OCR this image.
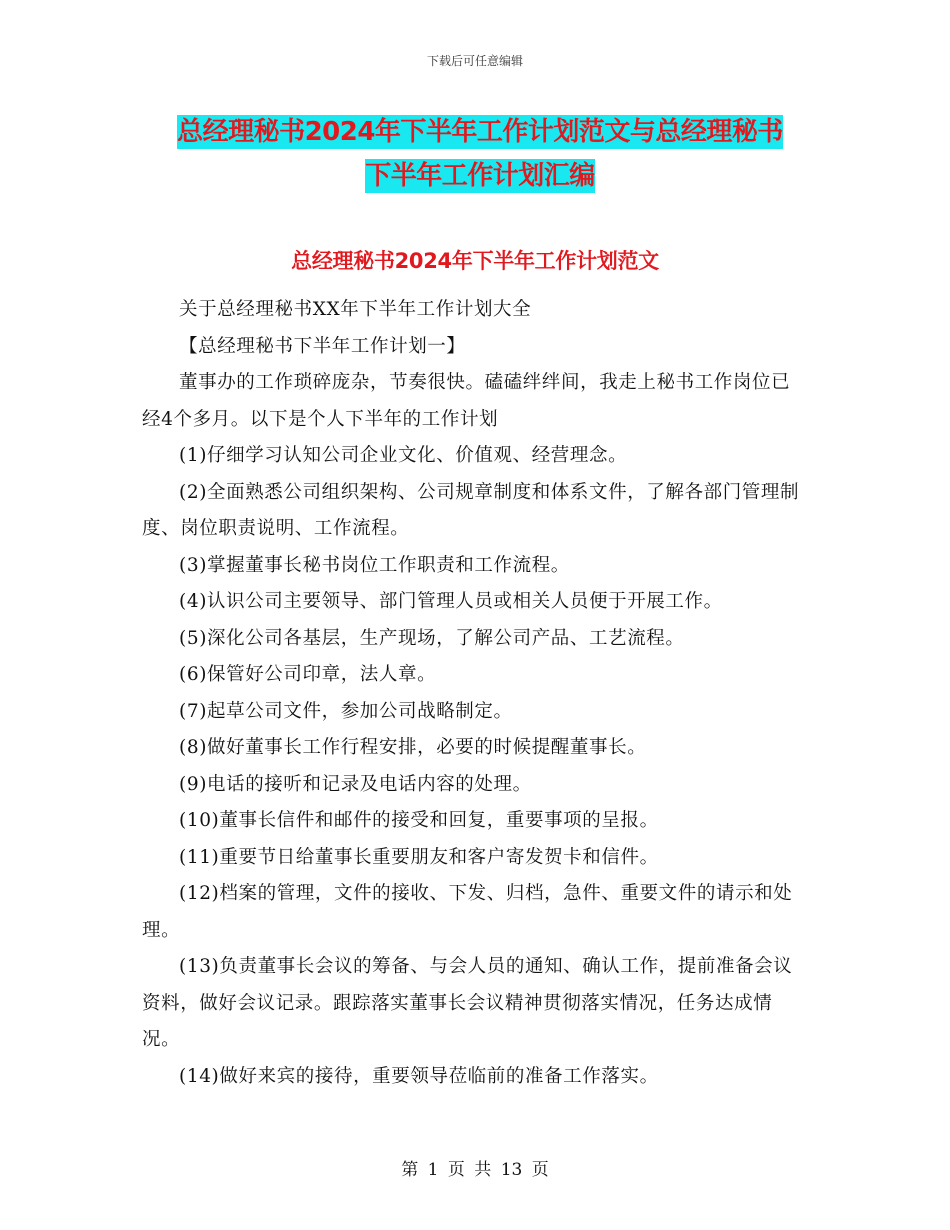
下载后可任意编辑
总经理秘书2024年下半年工作计划范文与总经理秘书
下半年工作计划汇编
总经理秘书2024年下半年工作计划范文

关于总经理秘书XX年下半年工作计划大全

【总经理秘书下半年工作计划一】

董事办的工作琐碎庞杂，节奏很快。磕磕绊绊间，我走上秘书工作岗位已经4个多月。以下是个人下半年的工作计划

(1)仔细学习认知公司企业文化、价值观、经营理念。

(2)全面熟悉公司组织架构、公司规章制度和体系文件，了解各部门管理制度、岗位职责说明、工作流程。

(3)掌握董事长秘书岗位工作职责和工作流程。

(4)认识公司主要领导、部门管理人员或相关人员便于开展工作。

(5)深化公司各基层，生产现场，了解公司产品、工艺流程。

(6)保管好公司印章，法人章。

(7)起草公司文件，参加公司战略制定。

(8)做好董事长工作行程安排，必要的时候提醒董事长。

(9)电话的接听和记录及电话内容的处理。

(10)董事长信件和邮件的接受和回复，重要事项的呈报。

(11)重要节日给董事长重要朋友和客户寄发贺卡和信件。

(12)档案的管理，文件的接收、下发、归档，急件、重要文件的请示和处理。

(13)负责董事长会议的筹备、与会人员的通知、确认工作，提前准备会议资料，做好会议记录。跟踪落实董事长会议精神贯彻落实情况，任务达成情况。

(14)做好来宾的接待，重要领导莅临前的准备工作落实。

第 1 页 共 13 页
